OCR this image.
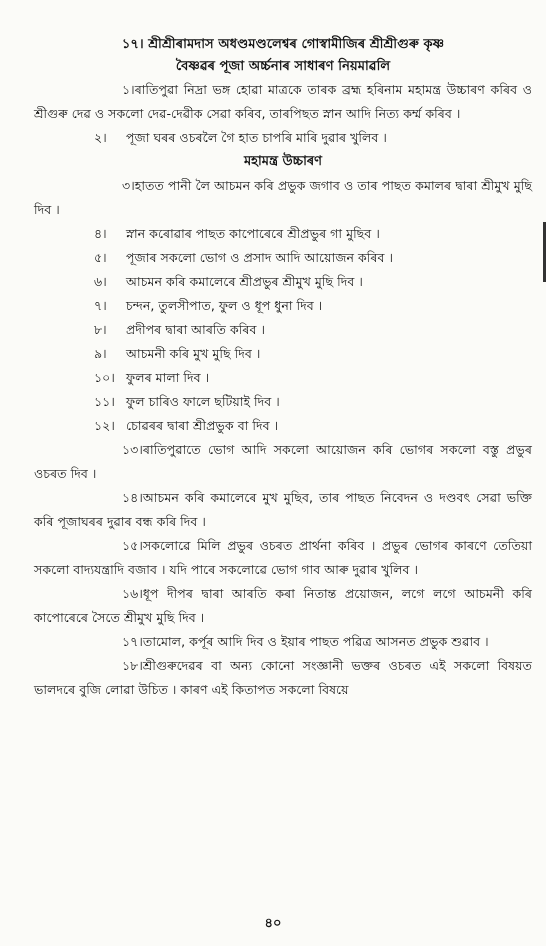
১৭। শ্ৰীশ্ৰীৰামদাস অধণ্ডমণ্ডলেশ্বৰ গোস্বামীজিৰ শ্ৰীশ্ৰীগুৰু কৃষ্ণ
বৈষ্ণৱৰ পূজা অৰ্চ্চনাৰ সাধাৰণ নিয়মাৱলি
১।ৰাতিপুৱা নিদ্ৰা ভঙ্গ হোৱা মাত্ৰকে তাৰক ব্ৰহ্ম হৰিনাম মহামন্ত্ৰ উচ্চাৰণ কৰিব ও শ্ৰীগুৰু দেৱ ও সকলো দেৱ-দেৱীক সেৱা কৰিব, তাৰপিছত স্নান আদি নিত্য কৰ্ম্ম কৰিব ।
২। পূজা ঘৰৰ ওচৰলৈ গৈ হাত চাপৰি মাৰি দুৱাৰ খুলিব ।
মহামন্ত্ৰ উচ্চাৰণ
৩।হাতত পানী লৈ আচমন কৰি প্ৰভুক জগাব ও তাৰ পাছত কমালৰ দ্বাৰা শ্ৰীমুখ মুছি দিব ।
৪। স্নান কৰোৱাৰ পাছত কাপোৰেৰে শ্ৰীপ্ৰভুৰ গা মুছিব ।
৫। পূজাৰ সকলো ভোগ ও প্ৰসাদ আদি আয়োজন কৰিব ।
৬। আচমন কৰি কমালেৰে শ্ৰীপ্ৰভুৰ শ্ৰীমুখ মুছি দিব ।
৭। চন্দন, তুলসীপাত, ফুল ও ধূপ ধুনা দিব ।
৮। প্ৰদীপৰ দ্বাৰা আৰতি কৰিব ।
৯। আচমনী কৰি মুখ মুছি দিব ।
১০। ফুলৰ মালা দিব ।
১১। ফুল চাৰিও ফালে ছটিয়াই দিব ।
১২। চোৱৰৰ দ্বাৰা শ্ৰীপ্ৰভুক বা দিব ।
১৩।ৰাতিপুৱাতে ভোগ আদি সকলো আয়োজন কৰি ভোগৰ সকলো বস্তু প্ৰভুৰ ওচৰত দিব ।
১৪।আচমন কৰি কমালেৰে মুখ মুছিব, তাৰ পাছত নিবেদন ও দণ্ডবৎ সেৱা ভক্তি কৰি পূজাঘৰৰ দুৱাৰ বন্ধ কৰি দিব ।
১৫।সকলোৱে মিলি প্ৰভুৰ ওচৰত প্ৰাৰ্থনা কৰিব । প্ৰভুৰ ভোগৰ কাৰণে তেতিয়া সকলো বাদ্যযন্ত্ৰাদি বজাব । যদি পাৰে সকলোৱে ভোগ গাব আৰু দুৱাৰ খুলিব ।
১৬।ধূপ দীপৰ দ্বাৰা আৰতি কৰা নিতান্ত প্ৰয়োজন, লগে লগে আচমনী কৰি কাপোৰেৰে সৈতে শ্ৰীমুখ মুছি দিব ।
১৭।তামোল, কৰ্পূৰ আদি দিব ও ইয়াৰ পাছত পৱিত্ৰ আসনত প্ৰভুক শুৱাব ।
১৮।শ্ৰীগুৰুদেৱৰ বা অন্য কোনো সংজ্ঞানী ভক্তৰ ওচৰত এই সকলো বিষয়ত ভালদৰে বুজি লোৱা উচিত । কাৰণ এই কিতাপত সকলো বিষয়ে
৪০
